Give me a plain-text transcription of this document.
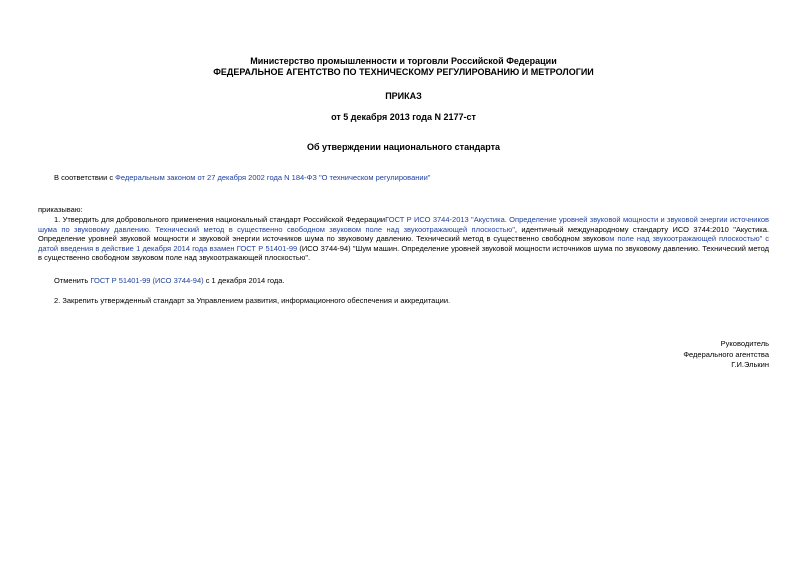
Министерство промышленности и торговли Российской Федерации
ФЕДЕРАЛЬНОЕ АГЕНТСТВО ПО ТЕХНИЧЕСКОМУ РЕГУЛИРОВАНИЮ И МЕТРОЛОГИИ
ПРИКАЗ
от 5 декабря 2013 года N 2177-ст
Об утверждении национального стандарта
В соответствии с Федеральным законом от 27 декабря 2002 года N 184-ФЗ "О техническом регулировании"
приказываю:
1. Утвердить для добровольного применения национальный стандарт Российской ФедерацииГОСТ Р ИСО 3744-2013 "Акустика. Определение уровней звуковой мощности и звуковой энергии источников шума по звуковому давлению. Технический метод в существенно свободном звуковом поле над звукоотражающей плоскостью", идентичный международному стандарту ИСО 3744:2010 "Акустика. Определение уровней звуковой мощности и звуковой энергии источников шума по звуковому давлению. Технический метод в существенно свободном звуковом поле над звукоотражающей плоскостью" с датой введения в действие 1 декабря 2014 года взамен ГОСТ Р 51401-99 (ИСО 3744-94) "Шум машин. Определение уровней звуковой мощности источников шума по звуковому давлению. Технический метод в существенно свободном звуковом поле над звукоотражающей плоскостью".
Отменить ГОСТ Р 51401-99 (ИСО 3744-94) с 1 декабря 2014 года.
2. Закрепить утвержденный стандарт за Управлением развития, информационного обеспечения и аккредитации.
Руководитель
Федерального агентства
Г.И.Элькин
